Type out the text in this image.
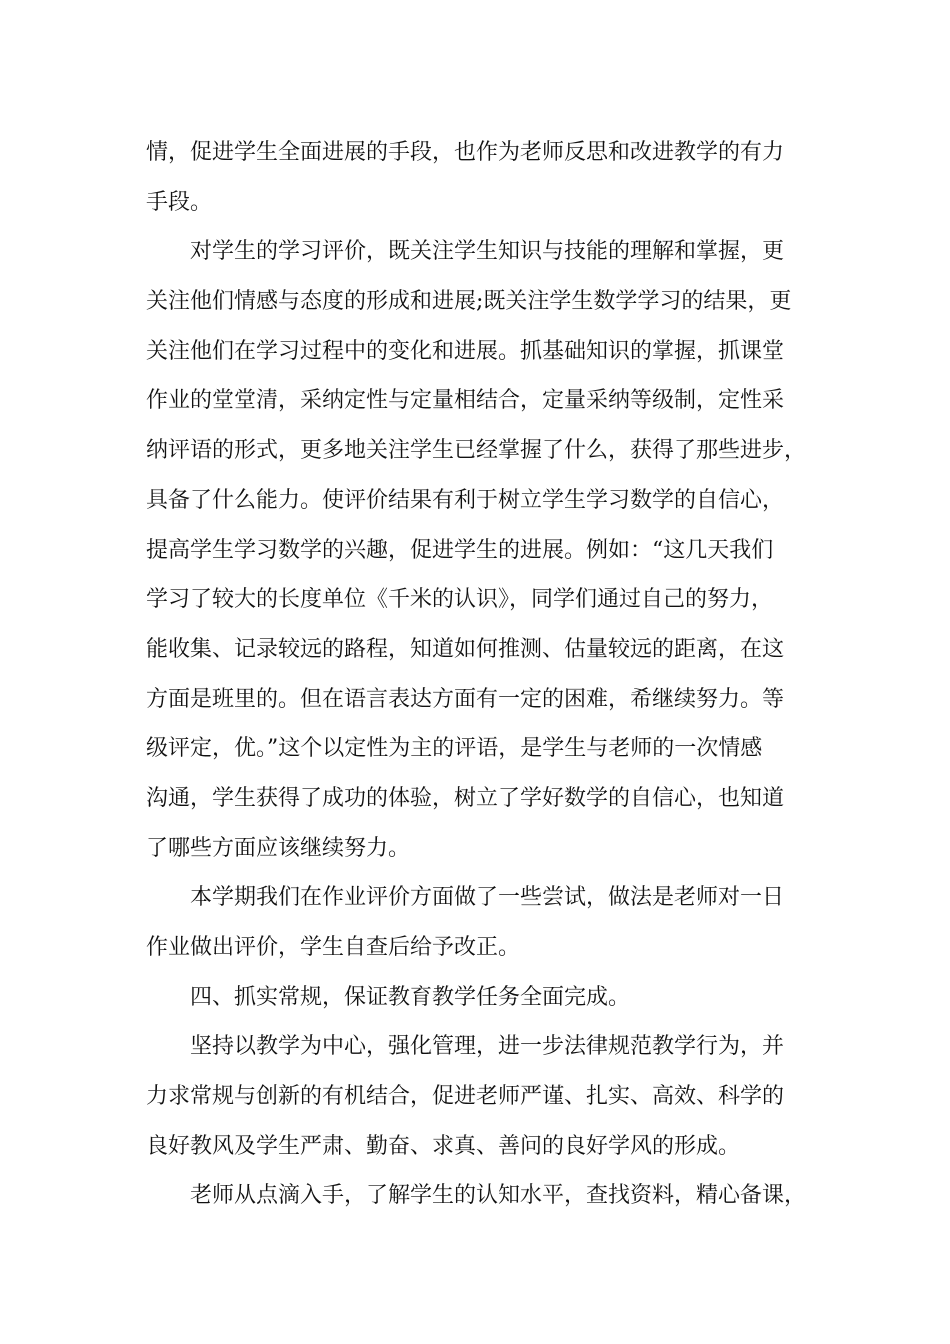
情，促进学生全面进展的手段，也作为老师反思和改进教学的有力
手段。
对学生的学习评价，既关注学生知识与技能的理解和掌握，更
关注他们情感与态度的形成和进展;既关注学生数学学习的结果，更
关注他们在学习过程中的变化和进展。抓基础知识的掌握，抓课堂
作业的堂堂清，采纳定性与定量相结合，定量采纳等级制，定性采
纳评语的形式，更多地关注学生已经掌握了什么，获得了那些进步，
具备了什么能力。使评价结果有利于树立学生学习数学的自信心，
提高学生学习数学的兴趣，促进学生的进展。例如：“这几天我们
学习了较大的长度单位《千米的认识》，同学们通过自己的努力，
能收集、记录较远的路程，知道如何推测、估量较远的距离，在这
方面是班里的。但在语言表达方面有一定的困难，希继续努力。等
级评定，优。”这个以定性为主的评语，是学生与老师的一次情感
沟通，学生获得了成功的体验，树立了学好数学的自信心，也知道
了哪些方面应该继续努力。
本学期我们在作业评价方面做了一些尝试，做法是老师对一日
作业做出评价，学生自查后给予改正。
四、抓实常规，保证教育教学任务全面完成。
坚持以教学为中心，强化管理，进一步法律规范教学行为，并
力求常规与创新的有机结合，促进老师严谨、扎实、高效、科学的
良好教风及学生严肃、勤奋、求真、善问的良好学风的形成。
老师从点滴入手，了解学生的认知水平，查找资料，精心备课，
